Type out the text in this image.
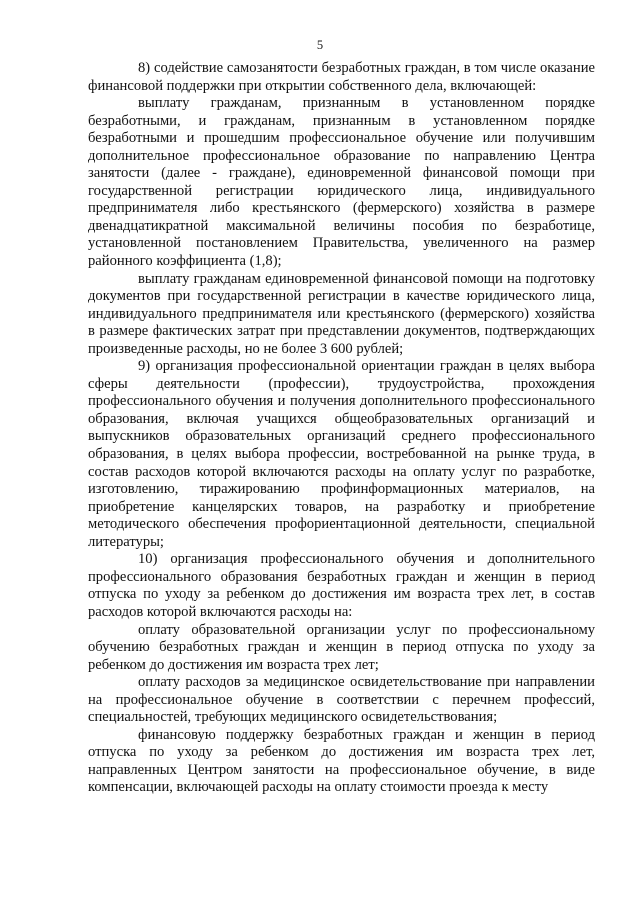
5

8) содействие самозанятости безработных граждан, в том числе оказание финансовой поддержки при открытии собственного дела, включающей:

выплату гражданам, признанным в установленном порядке безработными, и гражданам, признанным в установленном порядке безработными и прошедшим профессиональное обучение или получившим дополнительное профессиональное образование по направлению Центра занятости (далее - граждане), единовременной финансовой помощи при государственной регистрации юридического лица, индивидуального предпринимателя либо крестьянского (фермерского) хозяйства в размере двенадцатикратной максимальной величины пособия по безработице, установленной постановлением Правительства, увеличенного на размер районного коэффициента (1,8);

выплату гражданам единовременной финансовой помощи на подготовку документов при государственной регистрации в качестве юридического лица, индивидуального предпринимателя или крестьянского (фермерского) хозяйства в размере фактических затрат при представлении документов, подтверждающих произведенные расходы, но не более 3 600 рублей;

9) организация профессиональной ориентации граждан в целях выбора сферы деятельности (профессии), трудоустройства, прохождения профессионального обучения и получения дополнительного профессионального образования, включая учащихся общеобразовательных организаций и выпускников образовательных организаций среднего профессионального образования, в целях выбора профессии, востребованной на рынке труда, в состав расходов которой включаются расходы на оплату услуг по разработке, изготовлению, тиражированию профинформационных материалов, на приобретение канцелярских товаров, на разработку и приобретение методического обеспечения профориентационной деятельности, специальной литературы;

10) организация профессионального обучения и дополнительного профессионального образования безработных граждан и женщин в период отпуска по уходу за ребенком до достижения им возраста трех лет, в состав расходов которой включаются расходы на:

оплату образовательной организации услуг по профессиональному обучению безработных граждан и женщин в период отпуска по уходу за ребенком до достижения им возраста трех лет;

оплату расходов за медицинское освидетельствование при направлении на профессиональное обучение в соответствии с перечнем профессий, специальностей, требующих медицинского освидетельствования;

финансовую поддержку безработных граждан и женщин в период отпуска по уходу за ребенком до достижения им возраста трех лет, направленных Центром занятости на профессиональное обучение, в виде компенсации, включающей расходы на оплату стоимости проезда к месту
